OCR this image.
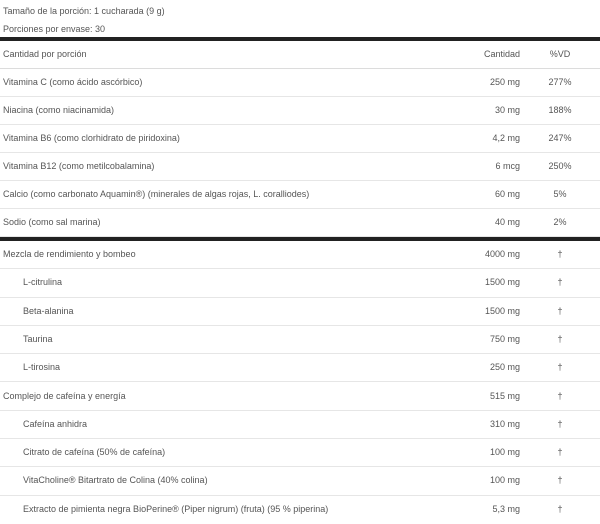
Tamaño de la porción: 1 cucharada (9 g)
Porciones por envase: 30
Cantidad por porción	Cantidad	%VD
Vitamina C (como ácido ascórbico)	250 mg	277%
Niacina (como niacinamida)	30 mg	188%
Vitamina B6 (como clorhidrato de piridoxina)	4,2 mg	247%
Vitamina B12 (como metilcobalamina)	6 mcg	250%
Calcio (como carbonato Aquamin®) (minerales de algas rojas, L. coralliodes)	60 mg	5%
Sodio (como sal marina)	40 mg	2%
Mezcla de rendimiento y bombeo	4000 mg	†
L-citrulina	1500 mg	†
Beta-alanina	1500 mg	†
Taurina	750 mg	†
L-tirosina	250 mg	†
Complejo de cafeína y energía	515 mg	†
Cafeína anhidra	310 mg	†
Citrato de cafeína (50% de cafeína)	100 mg	†
VitaCholine® Bitartrato de Colina (40% colina)	100 mg	†
Extracto de pimienta negra BioPerine® (Piper nigrum) (fruta) (95 % piperina)	5,3 mg	†
